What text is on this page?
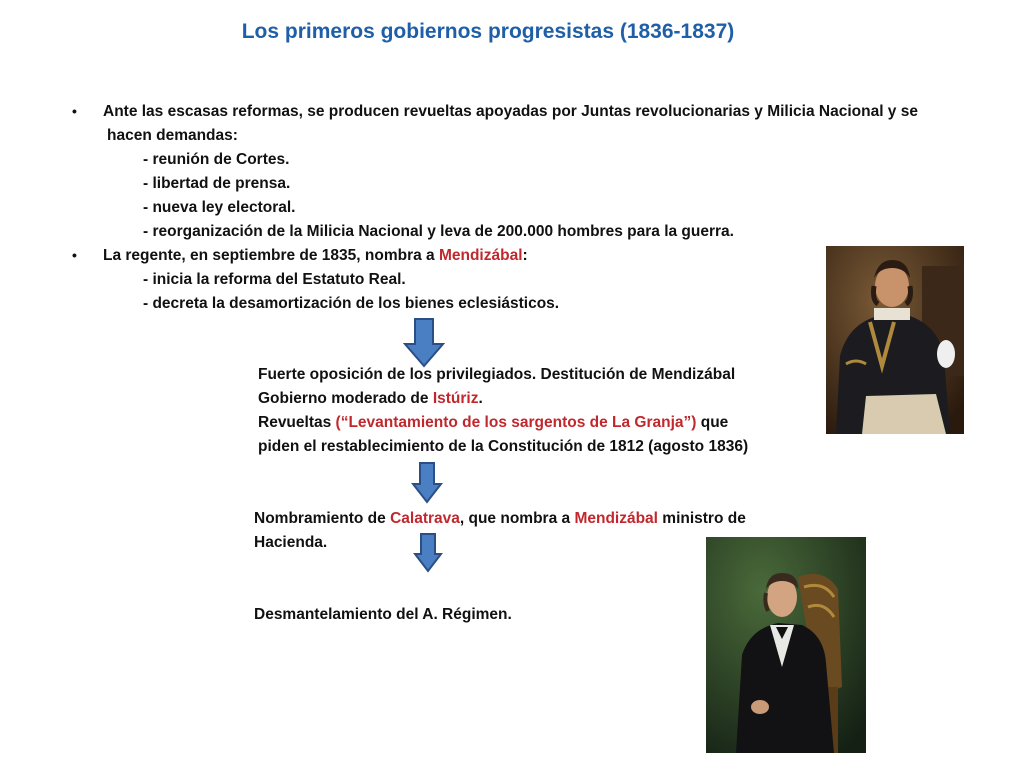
Los primeros gobiernos progresistas (1836-1837)
• Ante las escasas reformas, se producen revueltas apoyadas por Juntas revolucionarias y Milicia Nacional y se
hacen demandas:
- reunión de Cortes.
- libertad de prensa.
- nueva ley electoral.
- reorganización de la Milicia Nacional y leva de 200.000 hombres para la guerra.
• La regente, en septiembre de 1835, nombra a Mendizábal:
- inicia la reforma del Estatuto Real.
- decreta la desamortización de los bienes eclesiásticos.
Fuerte oposición de los privilegiados. Destitución de Mendizábal
Gobierno moderado de Istúriz.
Revueltas (“Levantamiento de los sargentos de La Granja”) que
piden el restablecimiento de la Constitución de 1812 (agosto 1836)
Nombramiento de Calatrava, que nombra a Mendizábal ministro de
Hacienda.
Desmantelamiento del A. Régimen.
